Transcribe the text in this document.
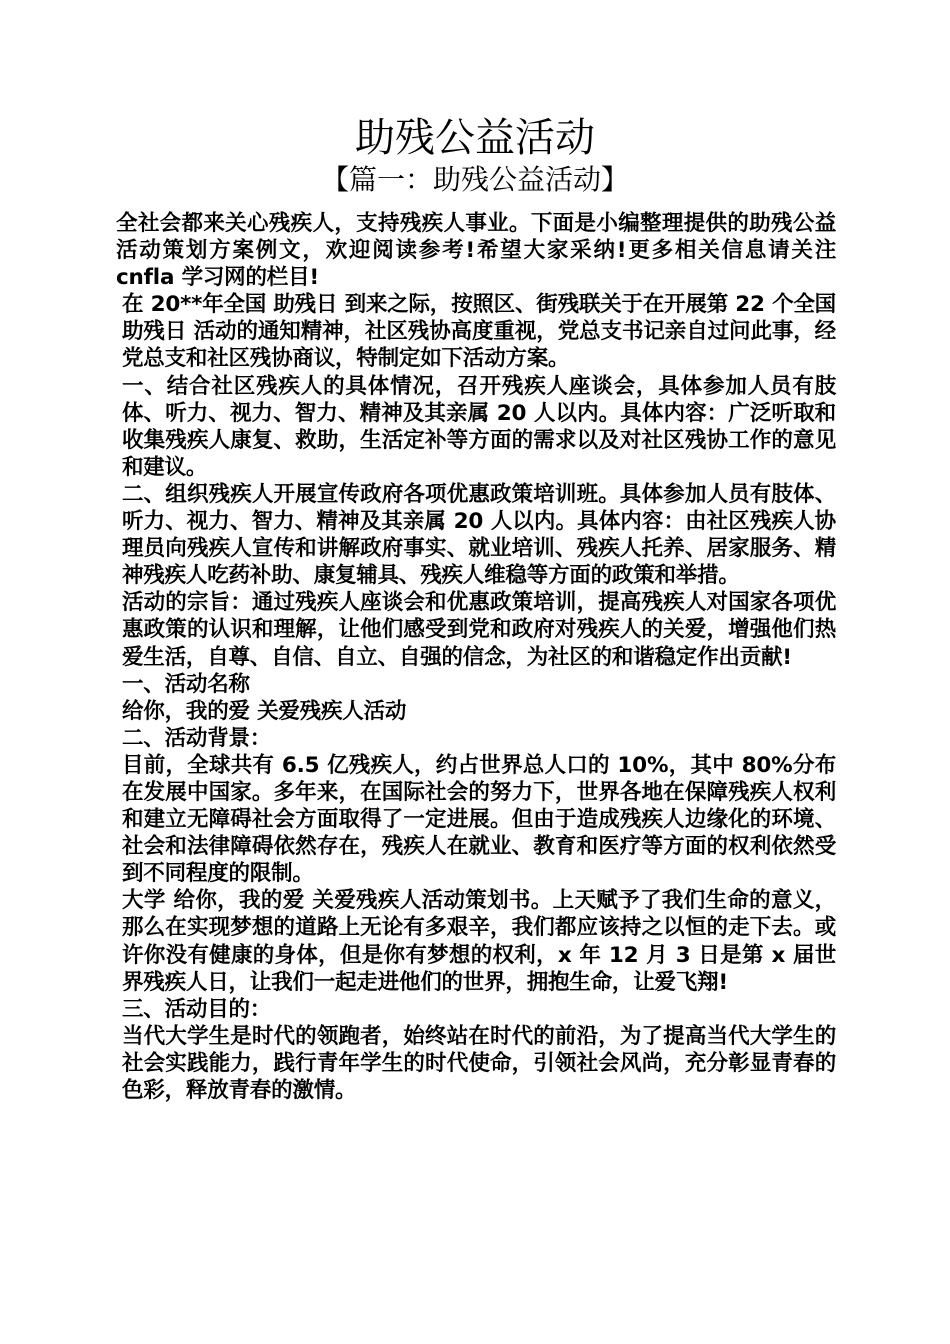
助残公益活动
【篇一：助残公益活动】

全社会都来关心残疾人，支持残疾人事业。下面是小编整理提供的助残公益活动策划方案例文，欢迎阅读参考!希望大家采纳!更多相关信息请关注 cnfla 学习网的栏目!

在 20**年全国 助残日 到来之际，按照区、街残联关于在开展第 22 个全国 助残日 活动的通知精神，社区残协高度重视，党总支书记亲自过问此事，经党总支和社区残协商议，特制定如下活动方案。

一、结合社区残疾人的具体情况，召开残疾人座谈会，具体参加人员有肢体、听力、视力、智力、精神及其亲属 20 人以内。具体内容：广泛听取和收集残疾人康复、救助，生活定补等方面的需求以及对社区残协工作的意见和建议。

二、组织残疾人开展宣传政府各项优惠政策培训班。具体参加人员有肢体、听力、视力、智力、精神及其亲属 20 人以内。具体内容：由社区残疾人协理员向残疾人宣传和讲解政府事实、就业培训、残疾人托养、居家服务、精神残疾人吃药补助、康复辅具、残疾人维稳等方面的政策和举措。

活动的宗旨：通过残疾人座谈会和优惠政策培训，提高残疾人对国家各项优惠政策的认识和理解，让他们感受到党和政府对残疾人的关爱，增强他们热爱生活，自尊、自信、自立、自强的信念，为社区的和谐稳定作出贡献!

一、活动名称

给你，我的爱 关爱残疾人活动

二、活动背景：

目前，全球共有 6.5 亿残疾人，约占世界总人口的 10%，其中 80%分布在发展中国家。多年来，在国际社会的努力下，世界各地在保障残疾人权利和建立无障碍社会方面取得了一定进展。但由于造成残疾人边缘化的环境、社会和法律障碍依然存在，残疾人在就业、教育和医疗等方面的权利依然受到不同程度的限制。

大学 给你，我的爱 关爱残疾人活动策划书。上天赋予了我们生命的意义，那么在实现梦想的道路上无论有多艰辛，我们都应该持之以恒的走下去。或许你没有健康的身体，但是你有梦想的权利，x 年 12 月 3 日是第 x 届世界残疾人日，让我们一起走进他们的世界，拥抱生命，让爱飞翔!

三、活动目的：

当代大学生是时代的领跑者，始终站在时代的前沿，为了提高当代大学生的社会实践能力，践行青年学生的时代使命，引领社会风尚，充分彰显青春的色彩，释放青春的激情。
